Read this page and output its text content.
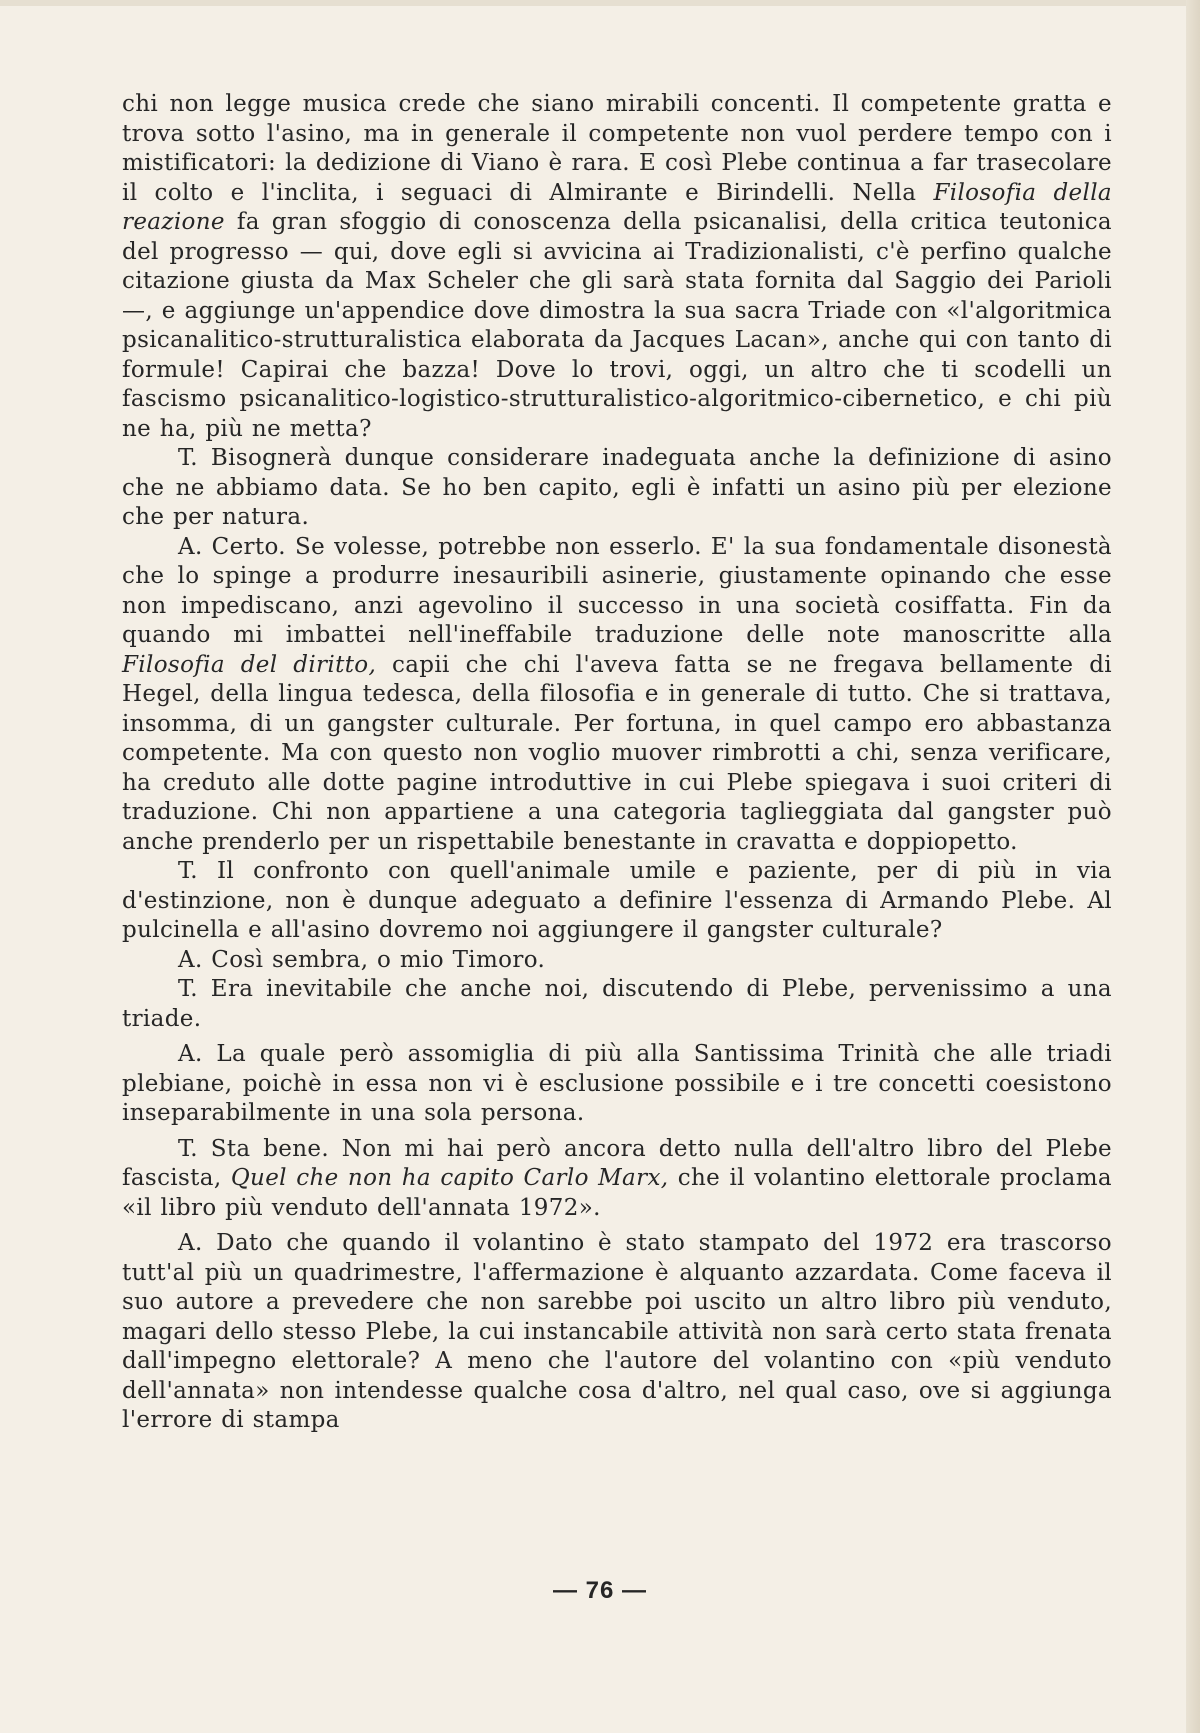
chi non legge musica crede che siano mirabili concenti. Il competente gratta e trova sotto l'asino, ma in generale il competente non vuol perdere tempo con i mistificatori: la dedizione di Viano è rara. E così Plebe continua a far trasecolare il colto e l'inclita, i seguaci di Almirante e Birindelli. Nella Filosofia della reazione fa gran sfoggio di conoscenza della psicanalisi, della critica teutonica del progresso — qui, dove egli si avvicina ai Tradizionalisti, c'è perfino qualche citazione giusta da Max Scheler che gli sarà stata fornita dal Saggio dei Parioli —, e aggiunge un'appendice dove dimostra la sua sacra Triade con «l'algoritmica psicanalitico-strutturalistica elaborata da Jacques Lacan», anche qui con tanto di formule! Capirai che bazza! Dove lo trovi, oggi, un altro che ti scodelli un fascismo psicanalitico-logistico-strutturalistico-algoritmico-cibernetico, e chi più ne ha, più ne metta?

T. Bisognerà dunque considerare inadeguata anche la definizione di asino che ne abbiamo data. Se ho ben capito, egli è infatti un asino più per elezione che per natura.

A. Certo. Se volesse, potrebbe non esserlo. E' la sua fondamentale disonestà che lo spinge a produrre inesauribili asinerie, giustamente opinando che esse non impediscano, anzi agevolino il successo in una società cosiffatta. Fin da quando mi imbattei nell'ineffabile traduzione delle note manoscritte alla Filosofia del diritto, capii che chi l'aveva fatta se ne fregava bellamente di Hegel, della lingua tedesca, della filosofia e in generale di tutto. Che si trattava, insomma, di un gangster culturale. Per fortuna, in quel campo ero abbastanza competente. Ma con questo non voglio muover rimbrotti a chi, senza verificare, ha creduto alle dotte pagine introduttive in cui Plebe spiegava i suoi criteri di traduzione. Chi non appartiene a una categoria taglieggiata dal gangster può anche prenderlo per un rispettabile benestante in cravatta e doppiopetto.

T. Il confronto con quell'animale umile e paziente, per di più in via d'estinzione, non è dunque adeguato a definire l'essenza di Armando Plebe. Al pulcinella e all'asino dovremo noi aggiungere il gangster culturale?

A. Così sembra, o mio Timoro.

T. Era inevitabile che anche noi, discutendo di Plebe, pervenissimo a una triade.

A. La quale però assomiglia di più alla Santissima Trinità che alle triadi plebiane, poichè in essa non vi è esclusione possibile e i tre concetti coesistono inseparabilmente in una sola persona.

T. Sta bene. Non mi hai però ancora detto nulla dell'altro libro del Plebe fascista, Quel che non ha capito Carlo Marx, che il volantino elettorale proclama «il libro più venduto dell'annata 1972».

A. Dato che quando il volantino è stato stampato del 1972 era trascorso tutt'al più un quadrimestre, l'affermazione è alquanto azzardata. Come faceva il suo autore a prevedere che non sarebbe poi uscito un altro libro più venduto, magari dello stesso Plebe, la cui instancabile attività non sarà certo stata frenata dall'impegno elettorale? A meno che l'autore del volantino con «più venduto dell'annata» non intendesse qualche cosa d'altro, nel qual caso, ove si aggiunga l'errore di stampa

— 76 —
